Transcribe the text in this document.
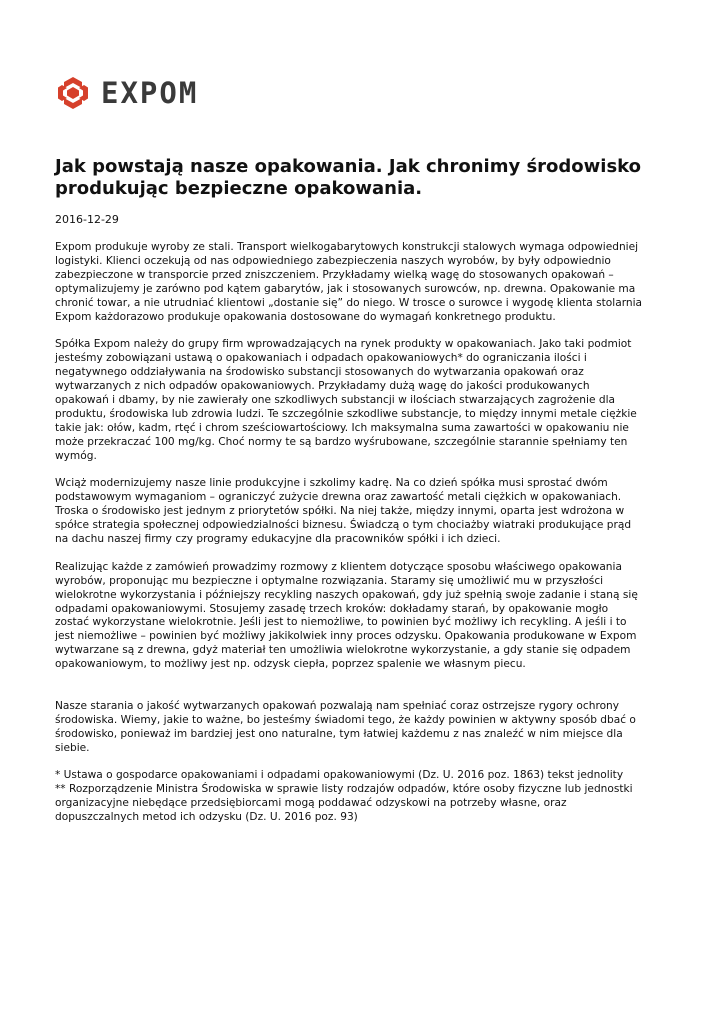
EXPOM
Jak powstają nasze opakowania. Jak chronimy środowisko
produkując bezpieczne opakowania.
2016-12-29

Expom produkuje wyroby ze stali. Transport wielkogabarytowych konstrukcji stalowych wymaga odpowiedniej
logistyki. Klienci oczekują od nas odpowiedniego zabezpieczenia naszych wyrobów, by były odpowiednio
zabezpieczone w transporcie przed zniszczeniem. Przykładamy wielką wagę do stosowanych opakowań –
optymalizujemy je zarówno pod kątem gabarytów, jak i stosowanych surowców, np. drewna. Opakowanie ma
chronić towar, a nie utrudniać klientowi „dostanie się” do niego. W trosce o surowce i wygodę klienta stolarnia
Expom każdorazowo produkuje opakowania dostosowane do wymagań konkretnego produktu.

Spółka Expom należy do grupy firm wprowadzających na rynek produkty w opakowaniach. Jako taki podmiot
jesteśmy zobowiązani ustawą o opakowaniach i odpadach opakowaniowych* do ograniczania ilości i
negatywnego oddziaływania na środowisko substancji stosowanych do wytwarzania opakowań oraz
wytwarzanych z nich odpadów opakowaniowych. Przykładamy dużą wagę do jakości produkowanych
opakowań i dbamy, by nie zawierały one szkodliwych substancji w ilościach stwarzających zagrożenie dla
produktu, środowiska lub zdrowia ludzi. Te szczególnie szkodliwe substancje, to między innymi metale ciężkie
takie jak: ołów, kadm, rtęć i chrom sześciowartościowy. Ich maksymalna suma zawartości w opakowaniu nie
może przekraczać 100 mg/kg. Choć normy te są bardzo wyśrubowane, szczególnie starannie spełniamy ten
wymóg.

Wciąż modernizujemy nasze linie produkcyjne i szkolimy kadrę. Na co dzień spółka musi sprostać dwóm
podstawowym wymaganiom – ograniczyć zużycie drewna oraz zawartość metali ciężkich w opakowaniach.
Troska o środowisko jest jednym z priorytetów spółki. Na niej także, między innymi, oparta jest wdrożona w
spółce strategia społecznej odpowiedzialności biznesu. Świadczą o tym chociażby wiatraki produkujące prąd
na dachu naszej firmy czy programy edukacyjne dla pracowników spółki i ich dzieci.

Realizując każde z zamówień prowadzimy rozmowy z klientem dotyczące sposobu właściwego opakowania
wyrobów, proponując mu bezpieczne i optymalne rozwiązania. Staramy się umożliwić mu w przyszłości
wielokrotne wykorzystania i późniejszy recykling naszych opakowań, gdy już spełnią swoje zadanie i staną się
odpadami opakowaniowymi. Stosujemy zasadę trzech kroków: dokładamy starań, by opakowanie mogło
zostać wykorzystane wielokrotnie. Jeśli jest to niemożliwe, to powinien być możliwy ich recykling. A jeśli i to
jest niemożliwe – powinien być możliwy jakikolwiek inny proces odzysku. Opakowania produkowane w Expom
wytwarzane są z drewna, gdyż materiał ten umożliwia wielokrotne wykorzystanie, a gdy stanie się odpadem
opakowaniowym, to możliwy jest np. odzysk ciepła, poprzez spalenie we własnym piecu.

Nasze starania o jakość wytwarzanych opakowań pozwalają nam spełniać coraz ostrzejsze rygory ochrony
środowiska. Wiemy, jakie to ważne, bo jesteśmy świadomi tego, że każdy powinien w aktywny sposób dbać o
środowisko, ponieważ im bardziej jest ono naturalne, tym łatwiej każdemu z nas znaleźć w nim miejsce dla
siebie.

* Ustawa o gospodarce opakowaniami i odpadami opakowaniowymi (Dz. U. 2016 poz. 1863) tekst jednolity

** Rozporządzenie Ministra Środowiska w sprawie listy rodzajów odpadów, które osoby fizyczne lub jednostki
organizacyjne niebędące przedsiębiorcami mogą poddawać odzyskowi na potrzeby własne, oraz
dopuszczalnych metod ich odzysku (Dz. U. 2016 poz. 93)
